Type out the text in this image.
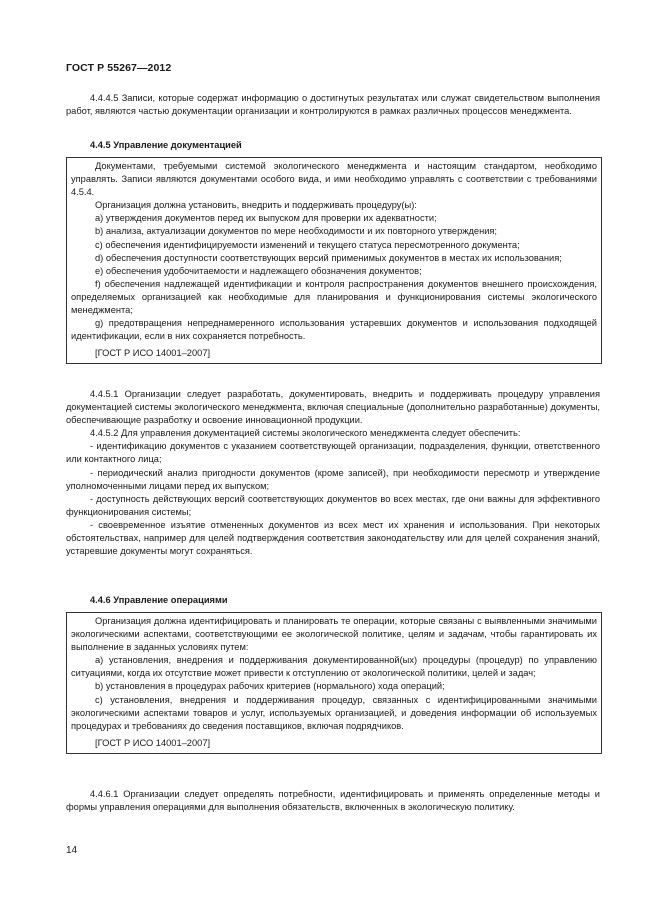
ГОСТ Р 55267—2012

4.4.4.5 Записи, которые содержат информацию о достигнутых результатах или служат свидетельством выполнения работ, являются частью документации организации и контролируются в рамках различных процессов менеджмента.

4.4.5 Управление документацией

Документами, требуемыми системой экологического менеджмента и настоящим стандартом, необходимо управлять. Записи являются документами особого вида, и ими необходимо управлять с соответствии с требованиями 4.5.4.

Организация должна установить, внедрить и поддерживать процедуру(ы):

а) утверждения документов перед их выпуском для проверки их адекватности;

b) анализа, актуализации документов по мере необходимости и их повторного утверждения;

c) обеспечения идентифицируемости изменений и текущего статуса пересмотренного документа;

d) обеспечения доступности соответствующих версий применимых документов в местах их использования;

е) обеспечения удобочитаемости и надлежащего обозначения документов;

f) обеспечения надлежащей идентификации и контроля распространения документов внешнего происхождения, определяемых организацией как необходимые для планирования и функционирования системы экологического менеджмента;

g) предотвращения непреднамеренного использования устаревших документов и использования подходящей идентификации, если в них сохраняется потребность.

[ГОСТ Р ИСО 14001–2007]

4.4.5.1 Организации следует разработать, документировать, внедрить и поддерживать процедуру управления документацией системы экологического менеджмента, включая специальные (дополнительно разработанные) документы, обеспечивающие разработку и освоение инновационной продукции.

4.4.5.2 Для управления документацией системы экологического менеджмента следует обеспечить:

- идентификацию документов с указанием соответствующей организации, подразделения, функции, ответственного или контактного лица;

- периодический анализ пригодности документов (кроме записей), при необходимости пересмотр и утверждение уполномоченными лицами перед их выпуском;

- доступность действующих версий соответствующих документов во всех местах, где они важны для эффективного функционирования системы;

- своевременное изъятие отмененных документов из всех мест их хранения и использования. При некоторых обстоятельствах, например для целей подтверждения соответствия законодательству или для целей сохранения знаний, устаревшие документы могут сохраняться.

4.4.6 Управление операциями

Организация должна идентифицировать и планировать те операции, которые связаны с выявленными значимыми экологическими аспектами, соответствующими ее экологической политике, целям и задачам, чтобы гарантировать их выполнение в заданных условиях путем:

а) установления, внедрения и поддерживания документированной(ых) процедуры (процедур) по управлению ситуациями, когда их отсутствие может привести к отступлению от экологической политики, целей и задач;

b) установления в процедурах рабочих критериев (нормального) хода операций;

с) установления, внедрения и поддерживания процедур, связанных с идентифицированными значимыми экологическими аспектами товаров и услуг, используемых организацией, и доведения информации об используемых процедурах и требованиях до сведения поставщиков, включая подрядчиков.

[ГОСТ Р ИСО 14001–2007]

4.4.6.1 Организации следует определять потребности, идентифицировать и применять определенные методы и формы управления операциями для выполнения обязательств, включенных в экологическую политику.

14
